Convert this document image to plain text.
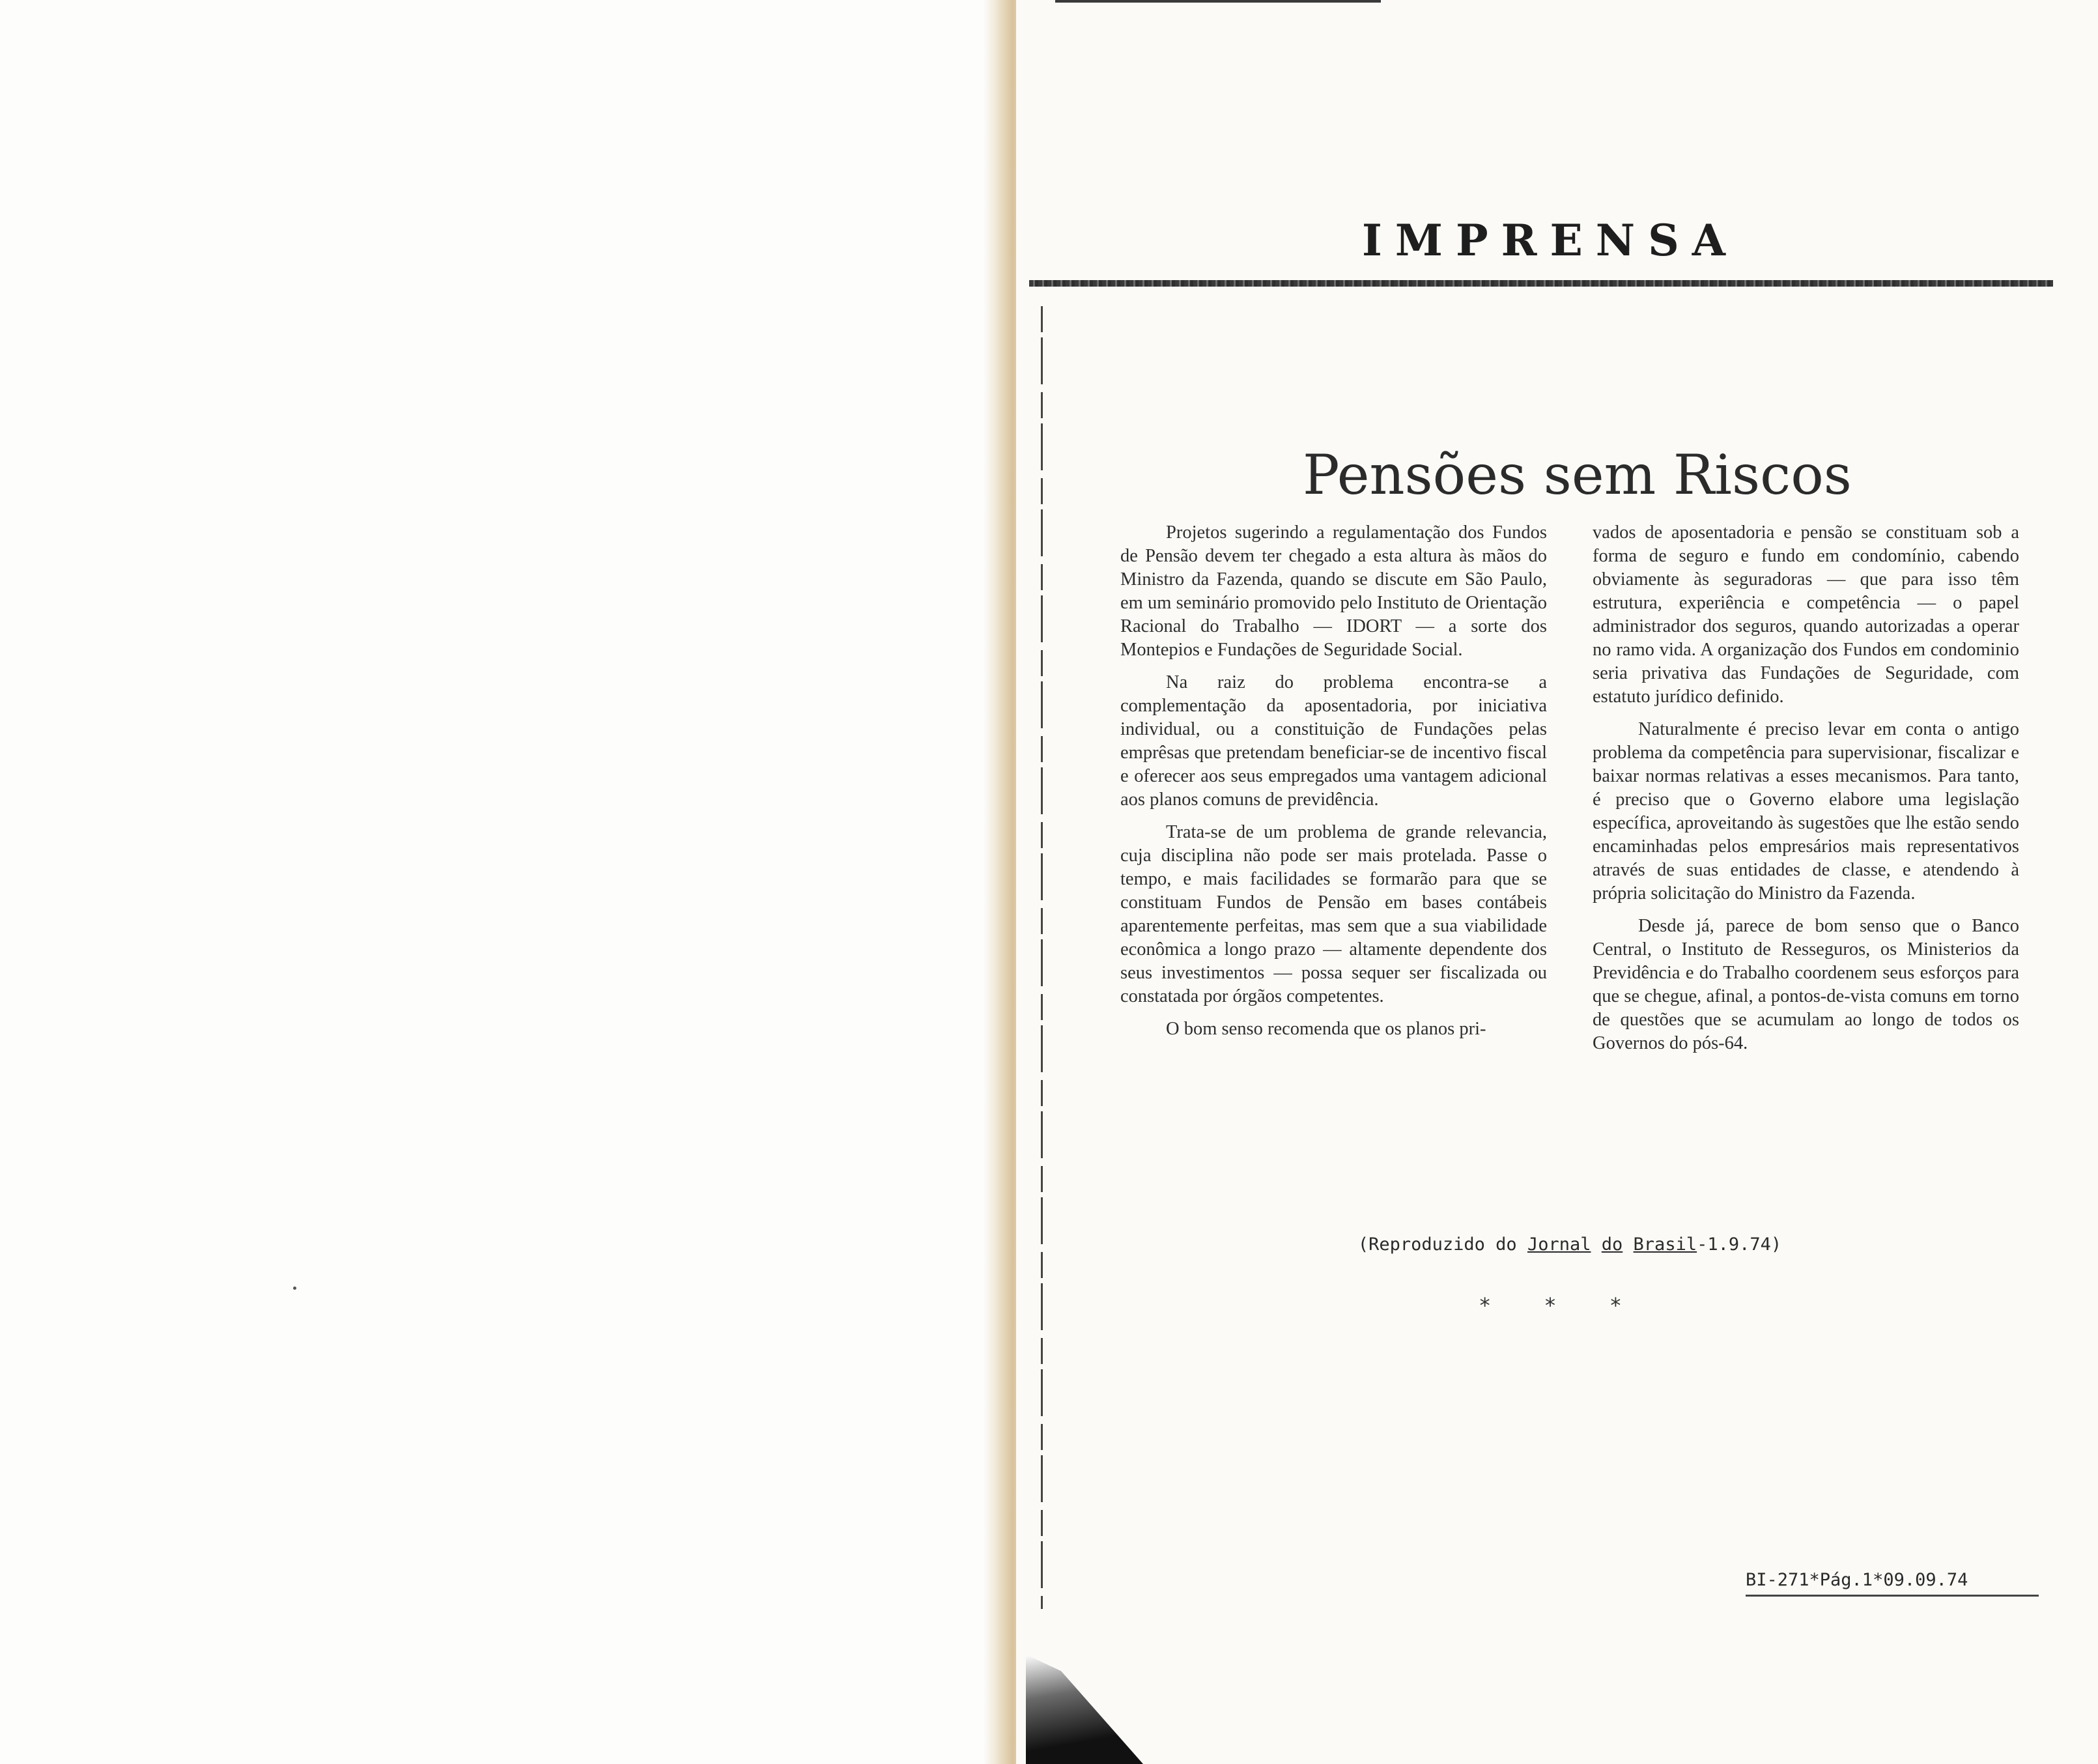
IMPRENSA
Pensões sem Riscos

Projetos sugerindo a regulamentação dos Fundos de Pensão devem ter chegado a esta altura às mãos do Ministro da Fazenda, quando se discute em São Paulo, em um seminário promovido pelo Instituto de Orientação Racional do Trabalho — IDORT — a sorte dos Montepios e Fundações de Seguridade Social.

Na raiz do problema encontra-se a complementação da aposentadoria, por iniciativa individual, ou a constituição de Fundações pelas emprêsas que pretendam beneficiar-se de incentivo fiscal e oferecer aos seus empregados uma vantagem adicional aos planos comuns de previdência.

Trata-se de um problema de grande relevancia, cuja disciplina não pode ser mais protelada. Passe o tempo, e mais facilidades se formarão para que se constituam Fundos de Pensão em bases contábeis aparentemente perfeitas, mas sem que a sua viabilidade econômica a longo prazo — altamente dependente dos seus investimentos — possa sequer ser fiscalizada ou constatada por órgãos competentes.

O bom senso recomenda que os planos pri-

vados de aposentadoria e pensão se constituam sob a forma de seguro e fundo em condomínio, cabendo obviamente às seguradoras — que para isso têm estrutura, experiência e competência — o papel administrador dos seguros, quando autorizadas a operar no ramo vida. A organização dos Fundos em condominio seria privativa das Fundações de Seguridade, com estatuto jurídico definido.

Naturalmente é preciso levar em conta o antigo problema da competência para supervisionar, fiscalizar e baixar normas relativas a esses mecanismos. Para tanto, é preciso que o Governo elabore uma legislação específica, aproveitando às sugestões que lhe estão sendo encaminhadas pelos empresários mais representativos através de suas entidades de classe, e atendendo à própria solicitação do Ministro da Fazenda.

Desde já, parece de bom senso que o Banco Central, o Instituto de Resseguros, os Ministerios da Previdência e do Trabalho coordenem seus esforços para que se chegue, afinal, a pontos-de-vista comuns em torno de questões que se acumulam ao longo de todos os Governos do pós-64.

(Reproduzido do Jornal do Brasil-1.9.74)
*	*	*
BI-271*Pág.1*09.09.74
